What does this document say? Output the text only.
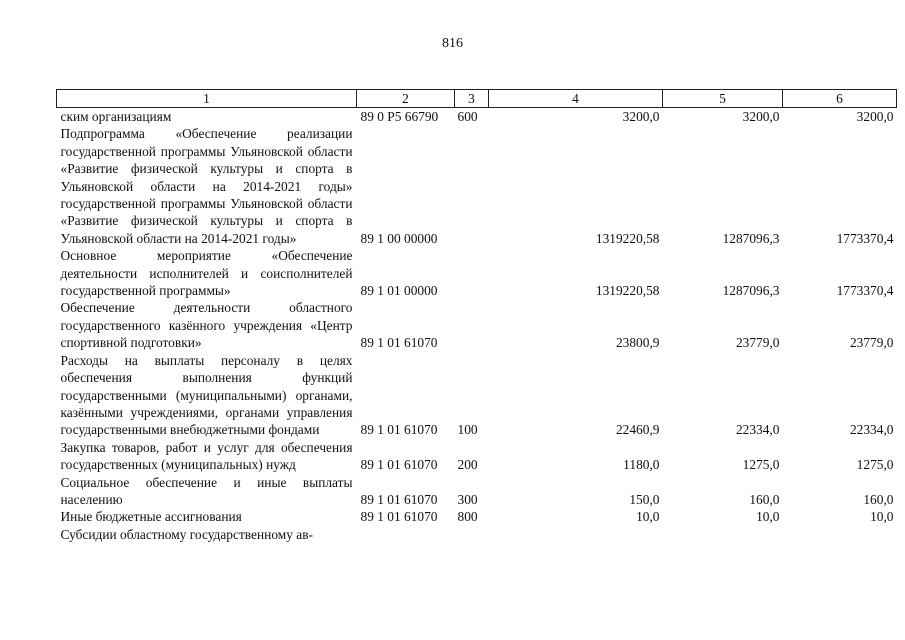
816
1	2	3	4	5	6
ским организациям	89 0 P5 66790	600	3200,0	3200,0	3200,0
Подпрограмма «Обеспечение реализации государственной программы Ульяновской области «Развитие физической культуры и спорта в Ульяновской области на 2014-2021 годы» государственной программы Ульяновской области «Развитие физической культуры и спорта в Ульяновской области на 2014-2021 годы»	89 1 00 00000		1319220,58	1287096,3	1773370,4
Основное мероприятие «Обеспечение деятельности исполнителей и соисполнителей государственной программы»	89 1 01 00000		1319220,58	1287096,3	1773370,4
Обеспечение деятельности областного государственного казённого учреждения «Центр спортивной подготовки»	89 1 01 61070		23800,9	23779,0	23779,0
Расходы на выплаты персоналу в целях обеспечения выполнения функций государственными (муниципальными) органами, казёнными учреждениями, органами управления государственными внебюджетными фондами	89 1 01 61070	100	22460,9	22334,0	22334,0
Закупка товаров, работ и услуг для обеспечения государственных (муниципальных) нужд	89 1 01 61070	200	1180,0	1275,0	1275,0
Социальное обеспечение и иные выплаты населению	89 1 01 61070	300	150,0	160,0	160,0
Иные бюджетные ассигнования	89 1 01 61070	800	10,0	10,0	10,0
Субсидии областному государственному ав-					
